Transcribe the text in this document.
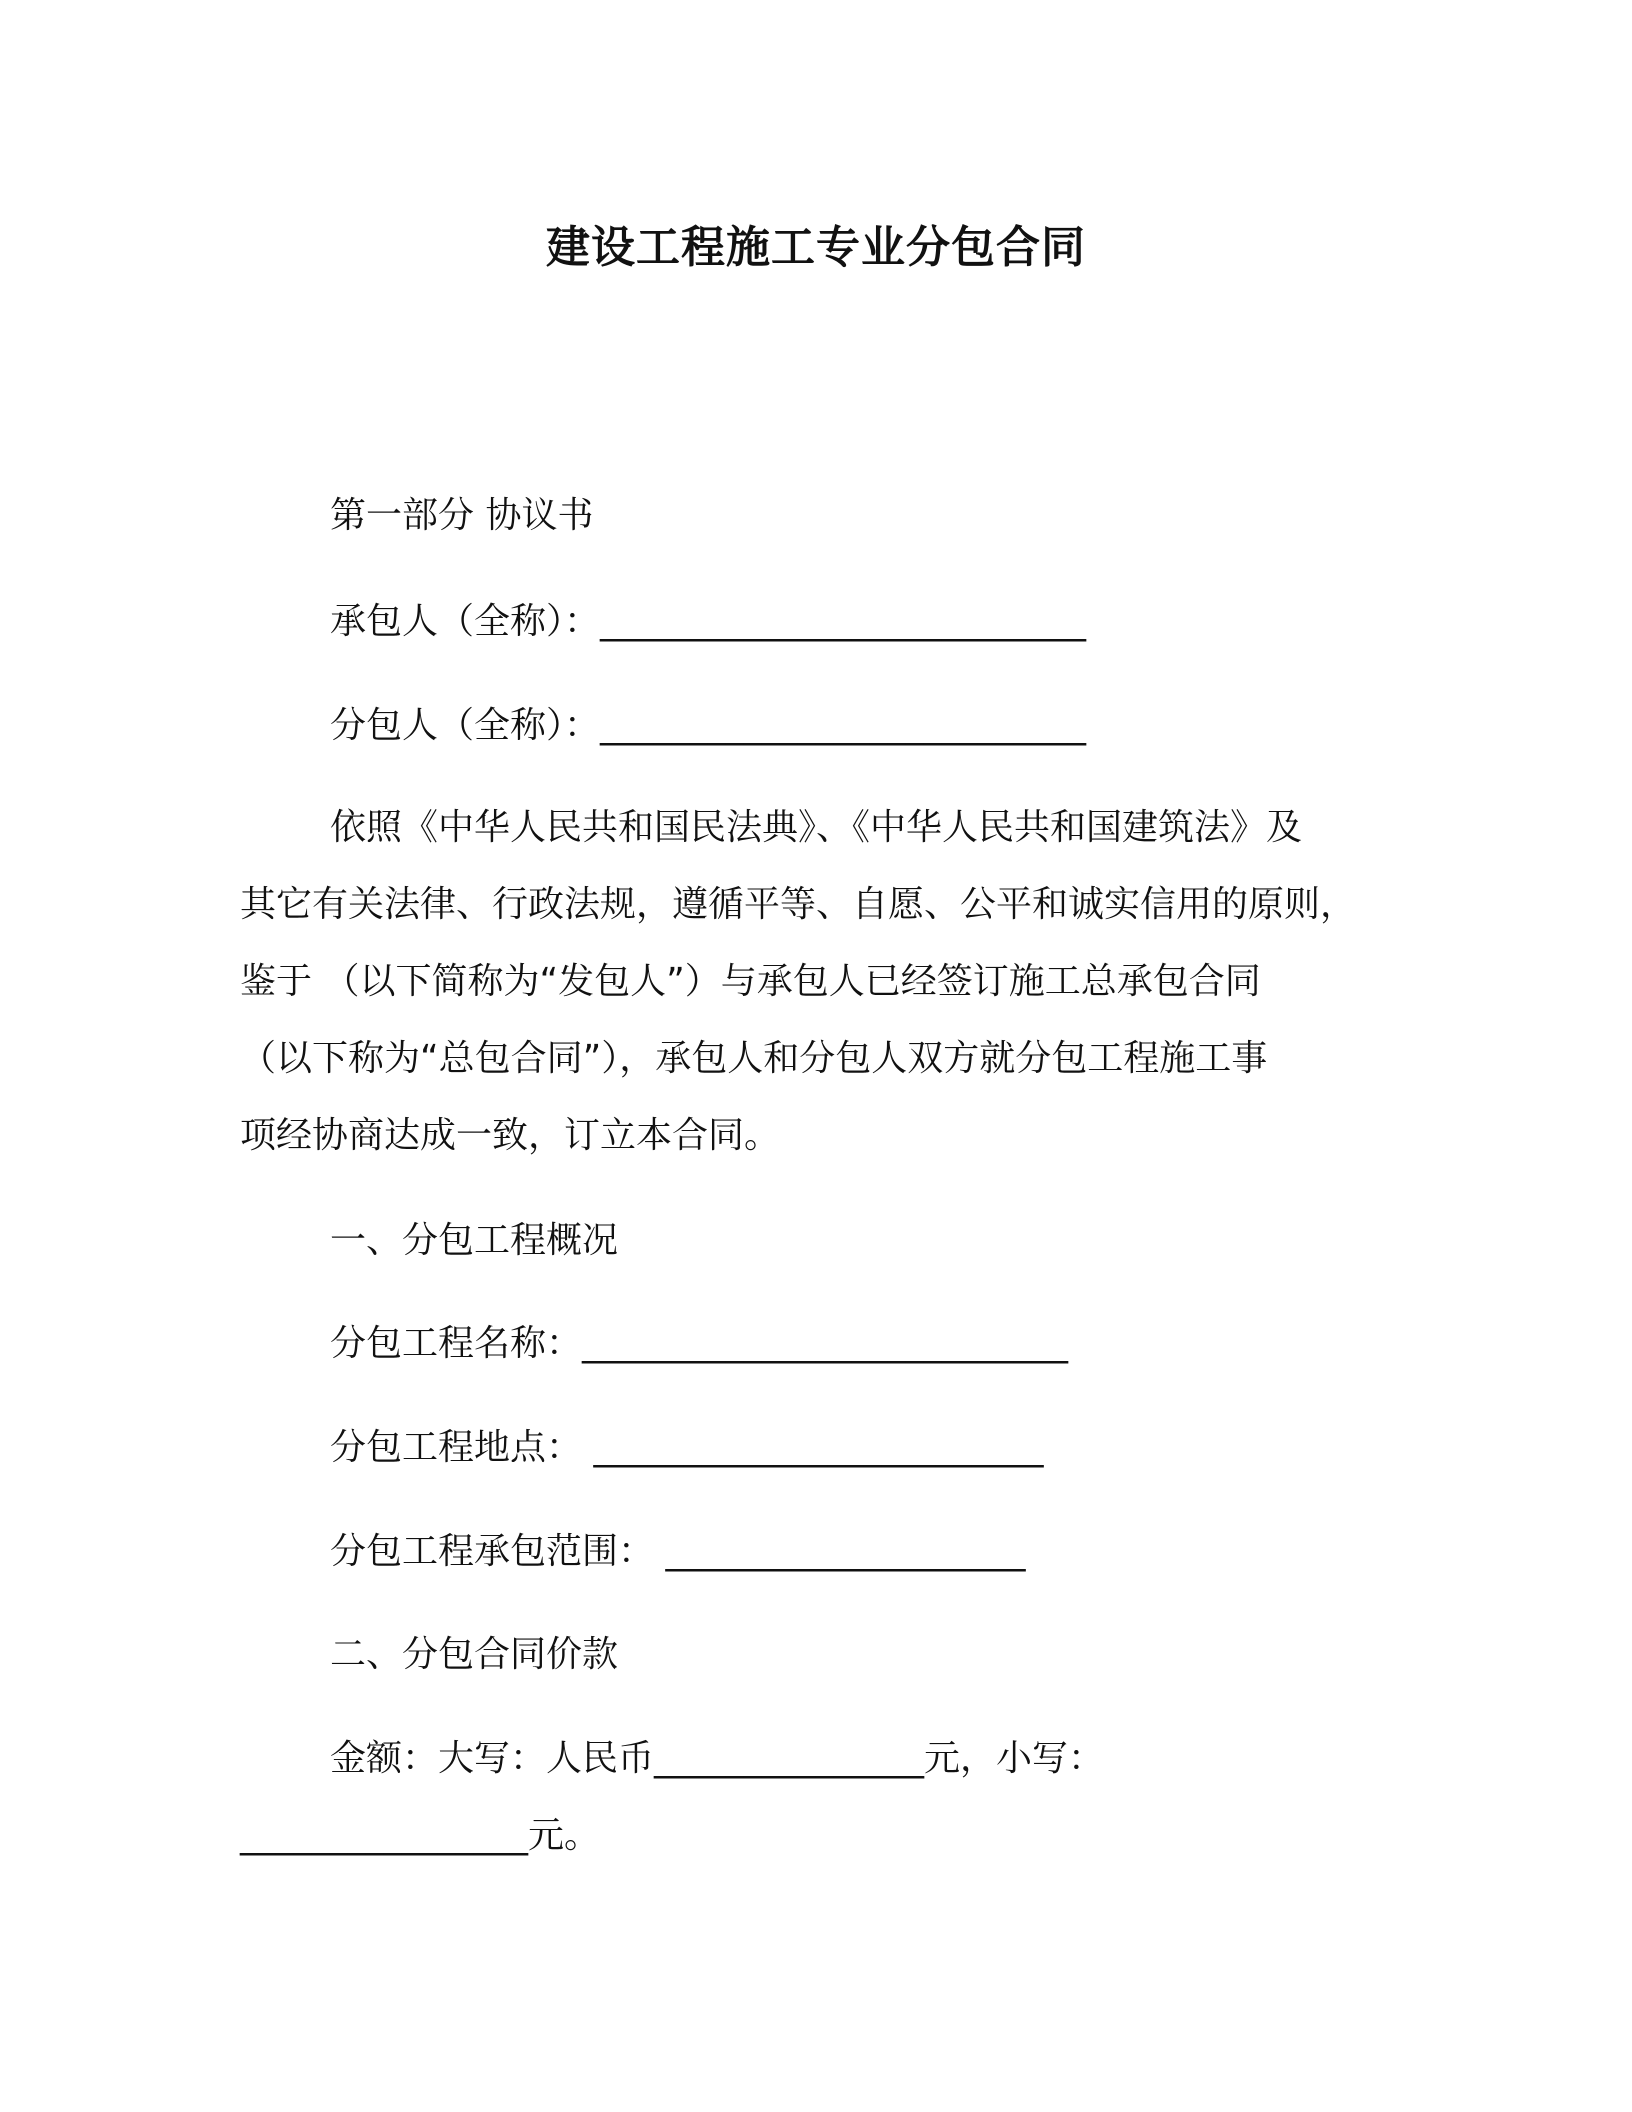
建设工程施工专业分包合同
第一部分 协议书
承包人（全称）：___________________________
分包人（全称）：___________________________
依照《中华人民共和国民法典》、《中华人民共和国建筑法》及
其它有关法律、行政法规，遵循平等、自愿、公平和诚实信用的原则，
鉴于 （以下简称为“发包人”）与承包人已经签订施工总承包合同
（以下称为“总包合同”），承包人和分包人双方就分包工程施工事
项经协商达成一致，订立本合同。
一、分包工程概况
分包工程名称：___________________________
分包工程地点： _________________________
分包工程承包范围： ____________________
二、分包合同价款
金额：大写：人民币_______________元，小写：
________________元。
